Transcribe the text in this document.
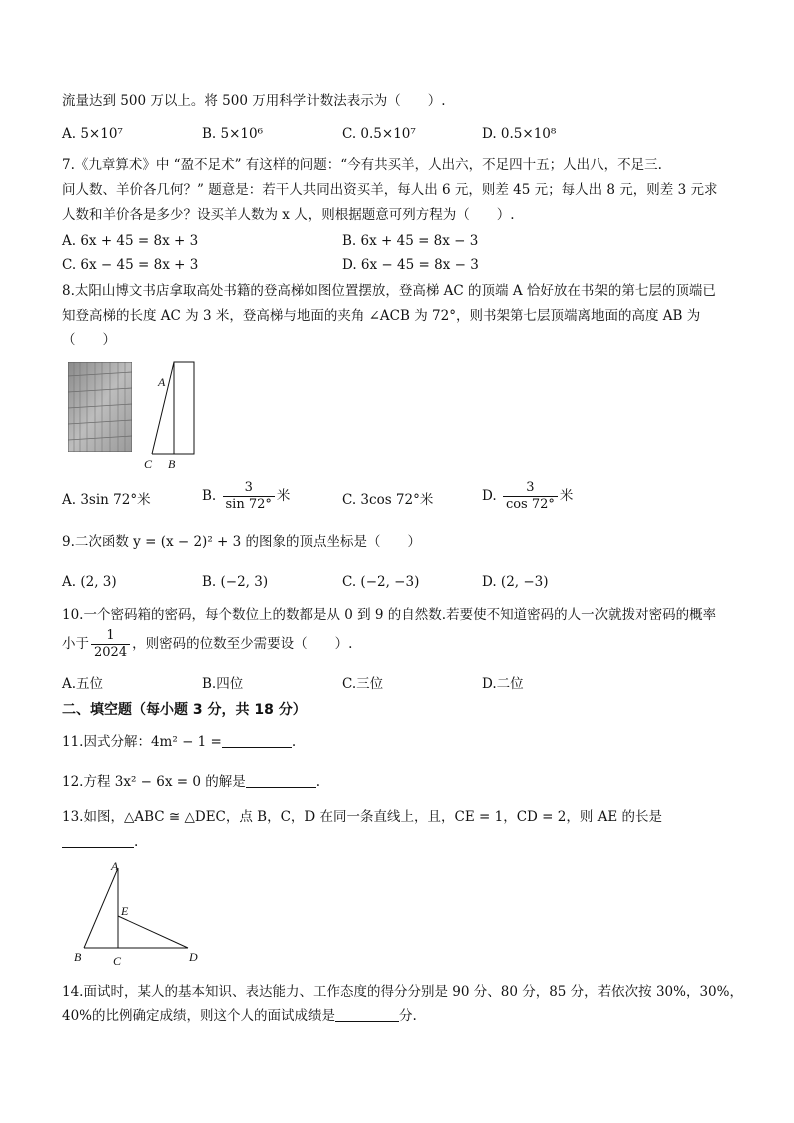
流量达到 500 万以上。将 500 万用科学计数法表示为（　　）.
A. 5×10⁷	B. 5×10⁶	C. 0.5×10⁷	D. 0.5×10⁸
7.《九章算术》中 “盈不足术” 有这样的问题：“今有共买羊，人出六，不足四十五；人出八，不足三.
问人数、羊价各几何？” 题意是：若干人共同出资买羊，每人出 6 元，则差 45 元；每人出 8 元，则差 3 元求
人数和羊价各是多少？设买羊人数为 x 人，则根据题意可列方程为（　　）.
A. 6x + 45 = 8x + 3	B. 6x + 45 = 8x − 3
C. 6x − 45 = 8x + 3	D. 6x − 45 = 8x − 3
8.太阳山博文书店拿取高处书籍的登高梯如图位置摆放，登高梯 AC 的顶端 A 恰好放在书架的第七层的顶端已
知登高梯的长度 AC 为 3 米，登高梯与地面的夹角 ∠ACB 为 72°，则书架第七层顶端离地面的高度 AB 为
（　　）
A
C B
A. 3sin 72°米	B. $\frac{3}{\sin 72^\circ}$ 米	C. 3cos 72°米	D. $\frac{3}{\cos 72^\circ}$ 米
9.二次函数 y = (x − 2)² + 3 的图象的顶点坐标是（　　）
A. (2, 3)	B. (−2, 3)	C. (−2, −3)	D. (2, −3)
10.一个密码箱的密码，每个数位上的数都是从 0 到 9 的自然数.若要使不知道密码的人一次就拨对密码的概率
小于 $\frac{1}{2024}$ ，则密码的位数至少需要设（　　）.
A.五位	B.四位	C.三位	D.二位
二、填空题（每小题 3 分，共 18 分）
11.因式分解：4m² − 1 =	.
12.方程 3x² − 6x = 0 的解是	.
13.如图，△ABC ≅ △DEC，点 B，C，D 在同一条直线上，且，CE = 1，CD = 2，则 AE 的长是
.
A
E
B	C	D
14.面试时，某人的基本知识、表达能力、工作态度的得分分别是 90 分、80 分，85 分，若依次按 30%，30%，
40%的比例确定成绩，则这个人的面试成绩是	分.
